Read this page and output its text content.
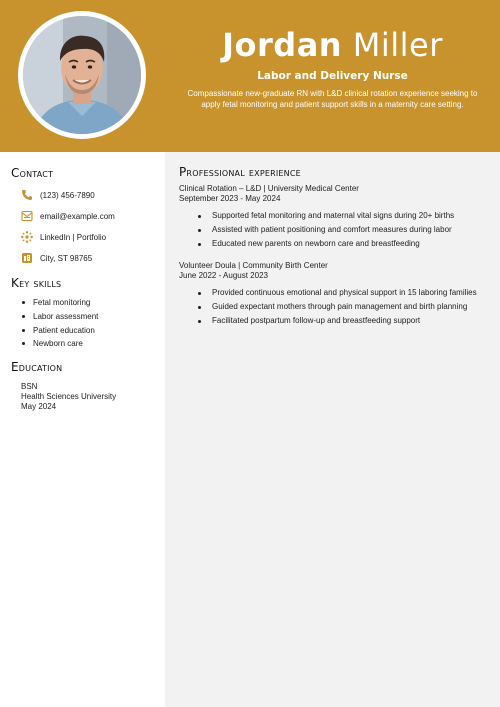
Jordan Miller
Labor and Delivery Nurse
Compassionate new-graduate RN with L&D clinical rotation experience seeking to apply fetal monitoring and patient support skills in a maternity care setting.
Contact
(123) 456-7890
email@example.com
LinkedIn | Portfolio
City, ST 98765
Key skills
Fetal monitoring
Labor assessment
Patient education
Newborn care
Education
BSN
Health Sciences University
May 2024
Professional experience
Clinical Rotation – L&D | University Medical Center
September 2023 - May 2024
Supported fetal monitoring and maternal vital signs during 20+ births
Assisted with patient positioning and comfort measures during labor
Educated new parents on newborn care and breastfeeding
Volunteer Doula | Community Birth Center
June 2022 - August 2023
Provided continuous emotional and physical support in 15 laboring families
Guided expectant mothers through pain management and birth planning
Facilitated postpartum follow-up and breastfeeding support
